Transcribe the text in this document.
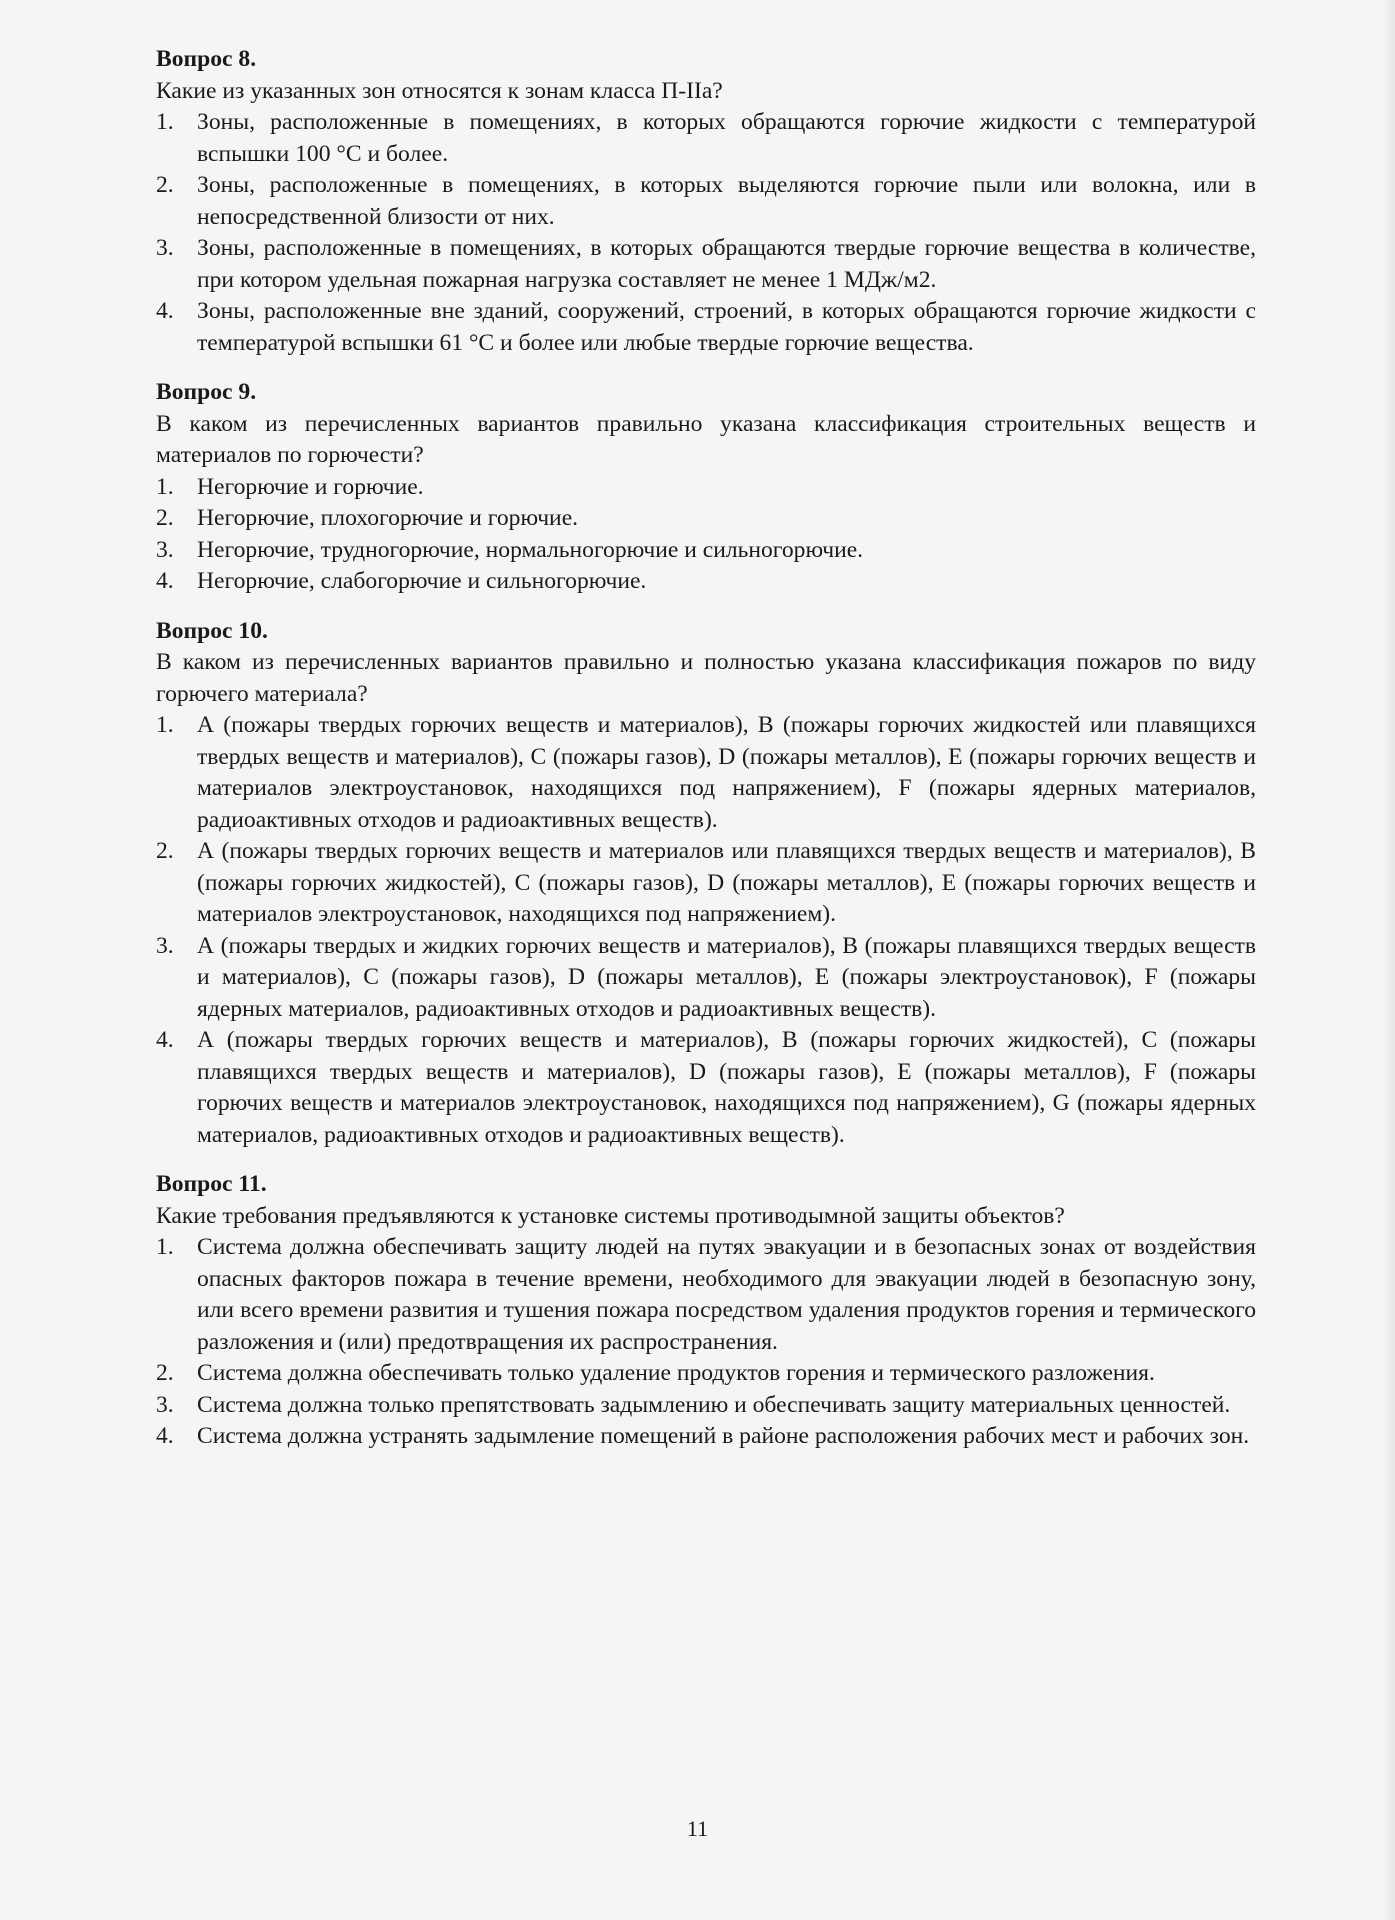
Вопрос 8.

Какие из указанных зон относятся к зонам класса П-IIа?

1. Зоны, расположенные в помещениях, в которых обращаются горючие жидкости с температурой вспышки 100 °С и более.
2. Зоны, расположенные в помещениях, в которых выделяются горючие пыли или волокна, или в непосредственной близости от них.
3. Зоны, расположенные в помещениях, в которых обращаются твердые горючие вещества в количестве, при котором удельная пожарная нагрузка составляет не менее 1 МДж/м2.
4. Зоны, расположенные вне зданий, сооружений, строений, в которых обращаются горючие жидкости с температурой вспышки 61 °С и более или любые твердые горючие вещества.

Вопрос 9.

В каком из перечисленных вариантов правильно указана классификация строительных веществ и материалов по горючести?

1. Негорючие и горючие.
2. Негорючие, плохогорючие и горючие.
3. Негорючие, трудногорючие, нормальногорючие и сильногорючие.
4. Негорючие, слабогорючие и сильногорючие.

Вопрос 10.

В каком из перечисленных вариантов правильно и полностью указана классификация пожаров по виду горючего материала?

1. А (пожары твердых горючих веществ и материалов), В (пожары горючих жидкостей или плавящихся твердых веществ и материалов), С (пожары газов), D (пожары металлов), Е (пожары горючих веществ и материалов электроустановок, находящихся под напряжением), F (пожары ядерных материалов, радиоактивных отходов и радиоактивных веществ).
2. А (пожары твердых горючих веществ и материалов или плавящихся твердых веществ и материалов), В (пожары горючих жидкостей), С (пожары газов), D (пожары металлов), Е (пожары горючих веществ и материалов электроустановок, находящихся под напряжением).
3. А (пожары твердых и жидких горючих веществ и материалов), В (пожары плавящихся твердых веществ и материалов), С (пожары газов), D (пожары металлов), Е (пожары электроустановок), F (пожары ядерных материалов, радиоактивных отходов и радиоактивных веществ).
4. А (пожары твердых горючих веществ и материалов), В (пожары горючих жидкостей), С (пожары плавящихся твердых веществ и материалов), D (пожары газов), Е (пожары металлов), F (пожары горючих веществ и материалов электроустановок, находящихся под напряжением), G (пожары ядерных материалов, радиоактивных отходов и радиоактивных веществ).

Вопрос 11.

Какие требования предъявляются к установке системы противодымной защиты объектов?

1. Система должна обеспечивать защиту людей на путях эвакуации и в безопасных зонах от воздействия опасных факторов пожара в течение времени, необходимого для эвакуации людей в безопасную зону, или всего времени развития и тушения пожара посредством удаления продуктов горения и термического разложения и (или) предотвращения их распространения.
2. Система должна обеспечивать только удаление продуктов горения и термического разложения.
3. Система должна только препятствовать задымлению и обеспечивать защиту материальных ценностей.
4. Система должна устранять задымление помещений в районе расположения рабочих мест и рабочих зон.
11
